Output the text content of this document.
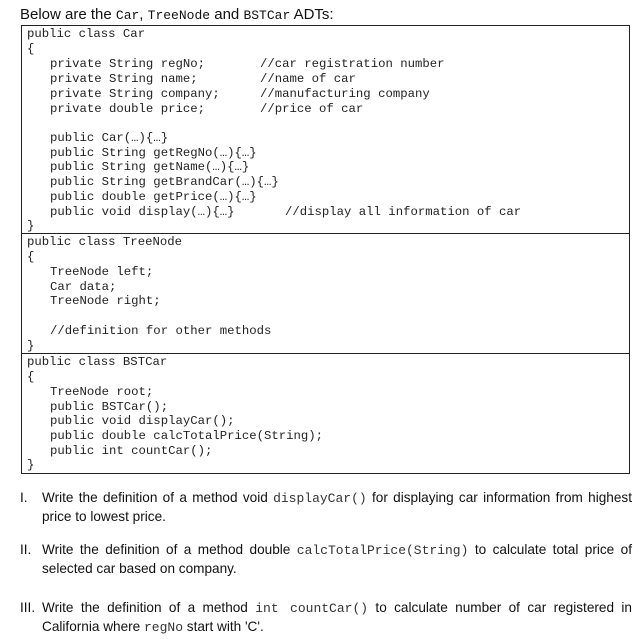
Below are the Car, TreeNode and BSTCar ADTs:
public class Car
{
private String regNo;	//car registration number
private String name;	//name of car
private String company;	//manufacturing company
private double price;	//price of car
public Car(…){…}
public String getRegNo(…){…}
public String getName(…){…}
public String getBrandCar(…){…}
public double getPrice(…){…}
public void display(…){…}	//display all information of car
}
public class TreeNode
{
TreeNode left;
Car data;
TreeNode right;
//definition for other methods
}
public class BSTCar
{
TreeNode root;
public BSTCar();
public void displayCar();
public double calcTotalPrice(String);
public int countCar();
}
I.	Write the definition of a method void displayCar() for displaying car information from highest price to lowest price.
II. Write the definition of a method double calcTotalPrice(String) to calculate total price of selected car based on company.
III. Write the definition of a method int countCar() to calculate number of car registered in California where regNo start with 'C'.
